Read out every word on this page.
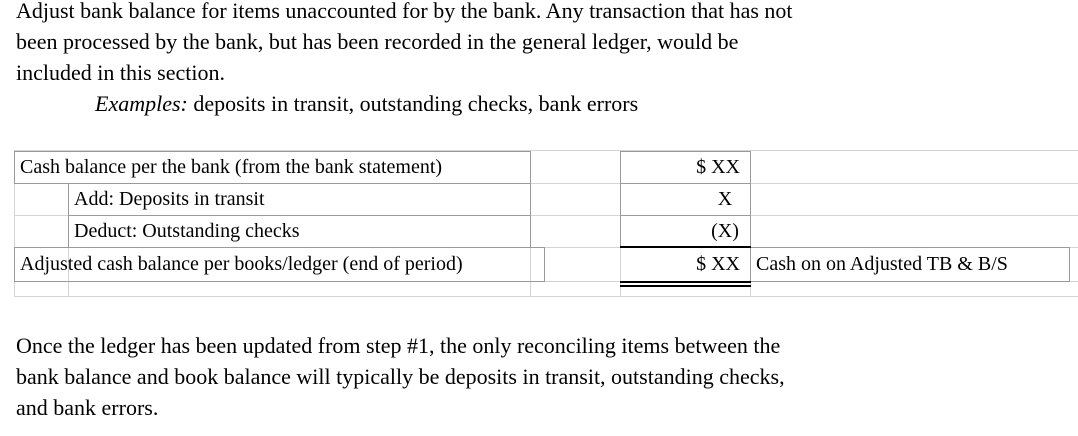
Adjust bank balance for items unaccounted for by the bank. Any transaction that has not
been processed by the bank, but has been recorded in the general ledger, would be
included in this section.
Examples: deposits in transit, outstanding checks, bank errors
Cash balance per the bank (from the bank statement)
Add: Deposits in transit
Deduct: Outstanding checks
Adjusted cash balance per books/ledger (end of period)
$ XX
X
(X)
$ XX Cash on on Adjusted TB & B/S
Once the ledger has been updated from step #1, the only reconciling items between the
bank balance and book balance will typically be deposits in transit, outstanding checks,
and bank errors.
